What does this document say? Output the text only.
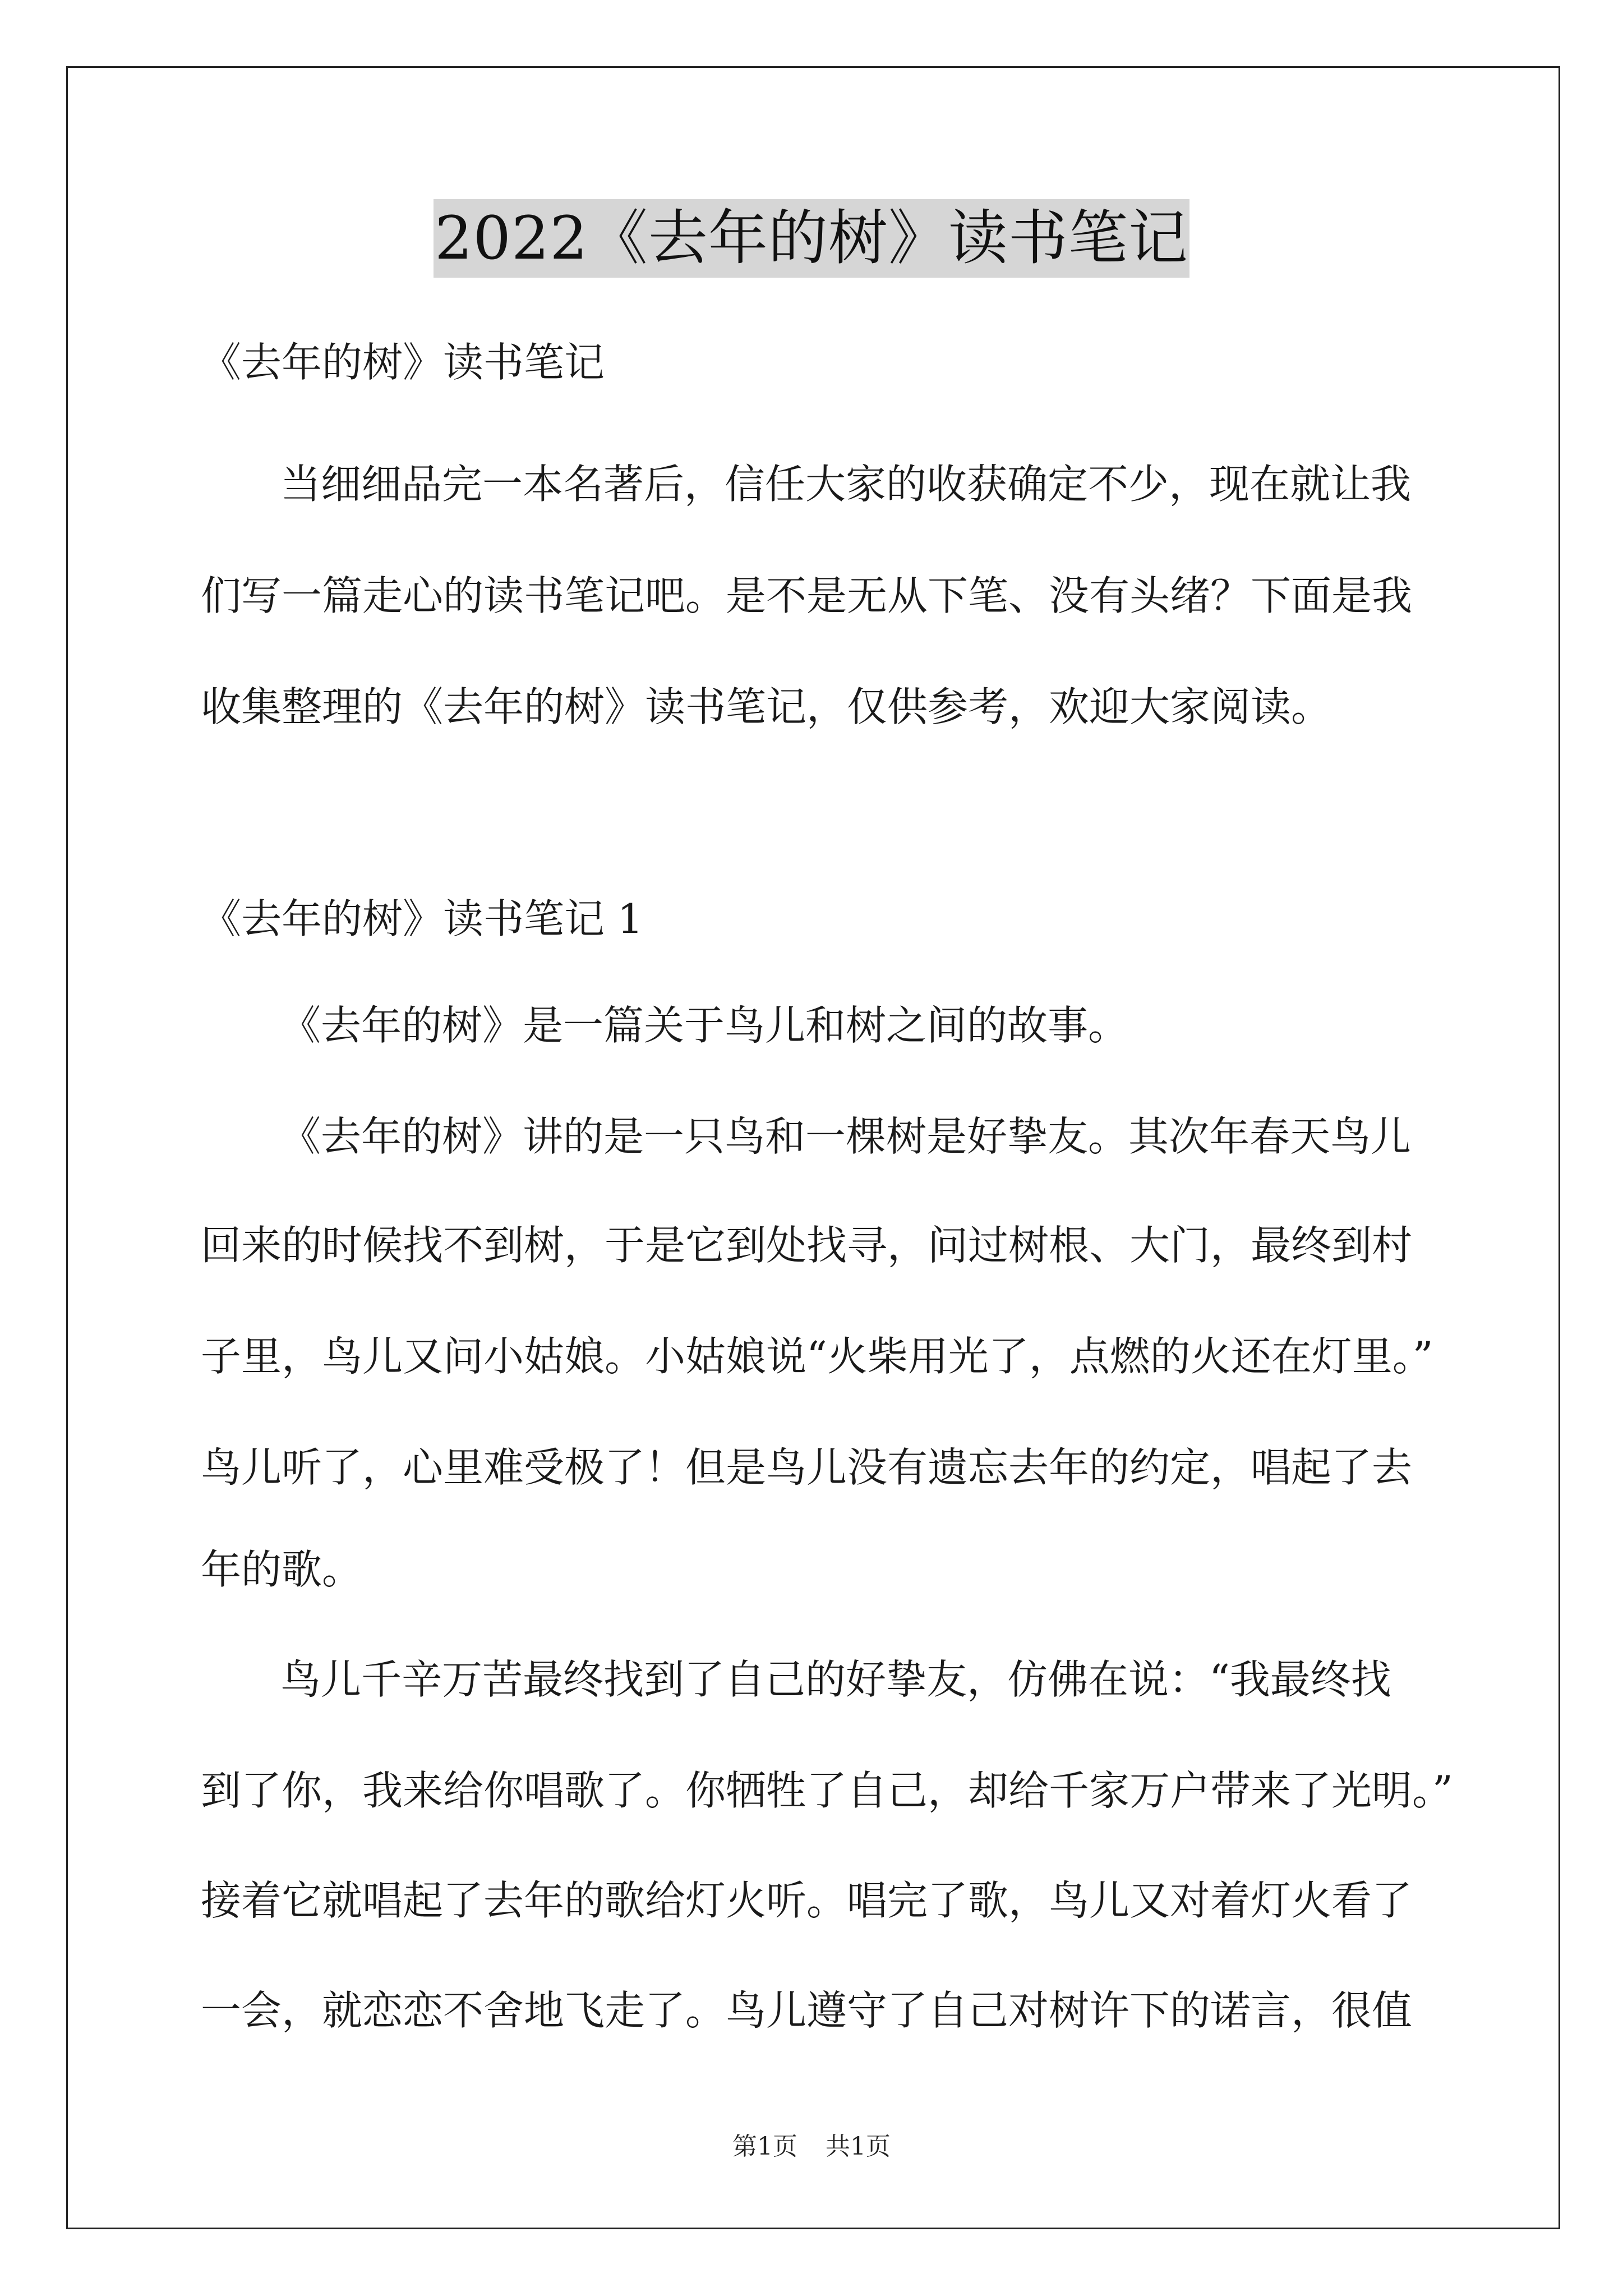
2022《去年的树》读书笔记
《去年的树》读书笔记
当细细品完一本名著后，信任大家的收获确定不少，现在就让我
们写一篇走心的读书笔记吧。是不是无从下笔、没有头绪？下面是我
收集整理的《去年的树》读书笔记，仅供参考，欢迎大家阅读。
《去年的树》读书笔记 1
《去年的树》是一篇关于鸟儿和树之间的故事。
《去年的树》讲的是一只鸟和一棵树是好挚友。其次年春天鸟儿
回来的时候找不到树，于是它到处找寻，问过树根、大门，最终到村
子里，鸟儿又问小姑娘。小姑娘说“火柴用光了，点燃的火还在灯里。”
鸟儿听了，心里难受极了！但是鸟儿没有遗忘去年的约定，唱起了去
年的歌。
鸟儿千辛万苦最终找到了自己的好挚友，仿佛在说：“我最终找
到了你，我来给你唱歌了。你牺牲了自己，却给千家万户带来了光明。”
接着它就唱起了去年的歌给灯火听。唱完了歌，鸟儿又对着灯火看了
一会，就恋恋不舍地飞走了。鸟儿遵守了自己对树许下的诺言，很值
第1页 共1页
